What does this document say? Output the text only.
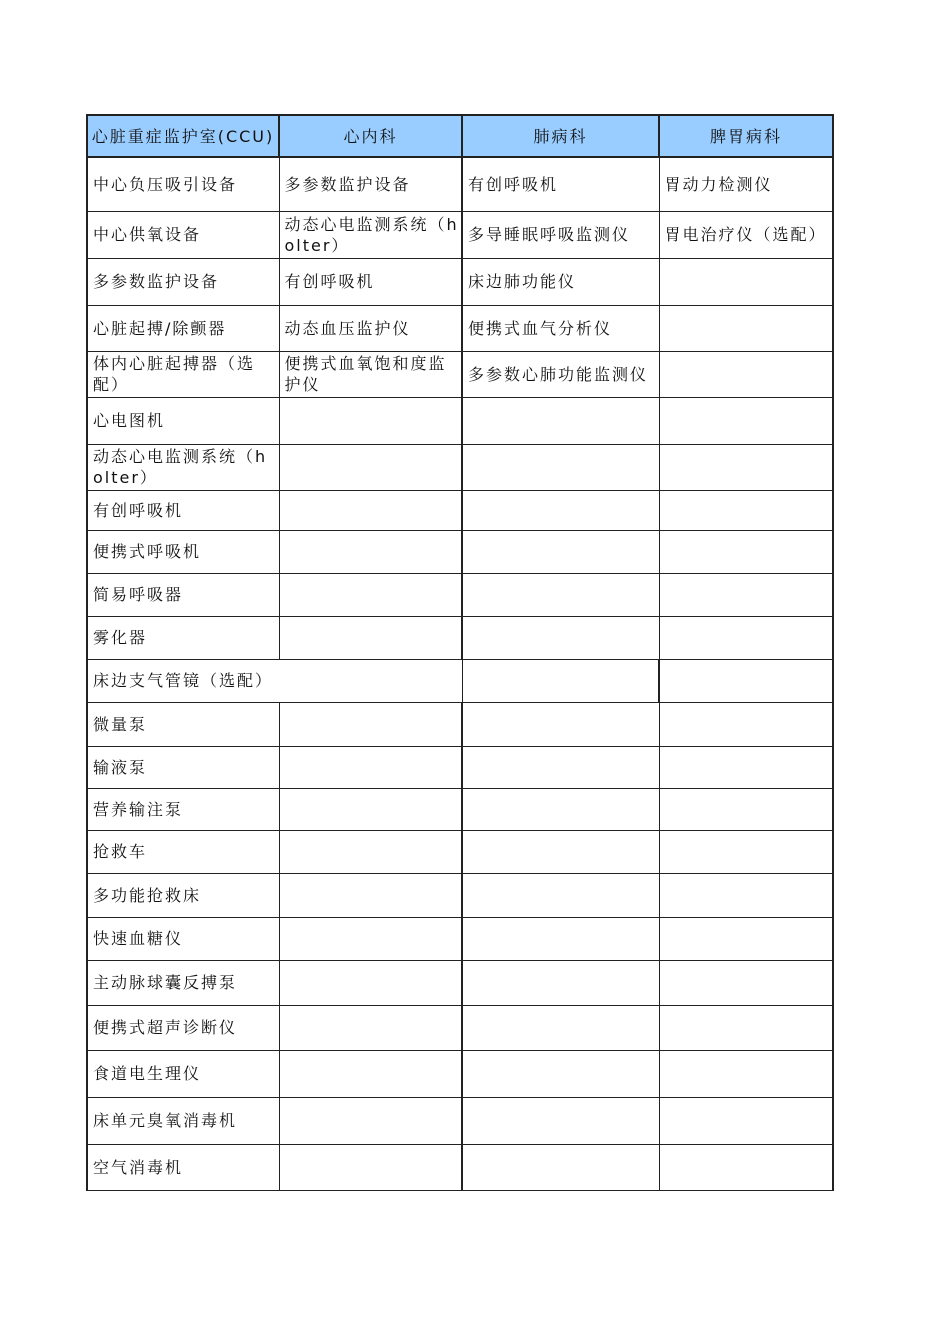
心脏重症监护室(CCU)	心内科	肺病科	脾胃病科
中心负压吸引设备	多参数监护设备	有创呼吸机	胃动力检测仪
中心供氧设备	动态心电监测系统（holter）	多导睡眠呼吸监测仪	胃电治疗仪（选配）
多参数监护设备	有创呼吸机	床边肺功能仪	
心脏起搏/除颤器	动态血压监护仪	便携式血气分析仪	
体内心脏起搏器（选配）	便携式血氧饱和度监护仪	多参数心肺功能监测仪	
心电图机			
动态心电监测系统（holter）			
有创呼吸机			
便携式呼吸机			
简易呼吸器			
雾化器			
床边支气管镜（选配）			
微量泵			
输液泵			
营养输注泵			
抢救车			
多功能抢救床			
快速血糖仪			
主动脉球囊反搏泵			
便携式超声诊断仪			
食道电生理仪			
床单元臭氧消毒机			
空气消毒机			
